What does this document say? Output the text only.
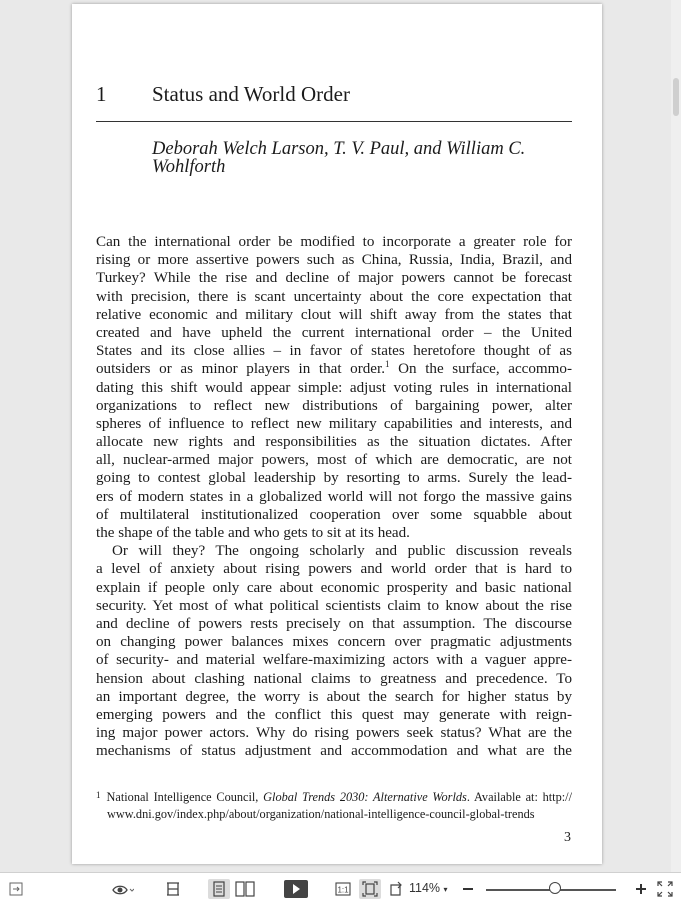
1 Status and World Order
Deborah Welch Larson, T. V. Paul, and William C.
Wohlforth
Can the international order be modified to incorporate a greater role for
rising or more assertive powers such as China, Russia, India, Brazil, and
Turkey? While the rise and decline of major powers cannot be forecast
with precision, there is scant uncertainty about the core expectation that
relative economic and military clout will shift away from the states that
created and have upheld the current international order – the United
States and its close allies – in favor of states heretofore thought of as
outsiders or as minor players in that order.$^1$ On the surface, accommo-
dating this shift would appear simple: adjust voting rules in international
organizations to reflect new distributions of bargaining power, alter
spheres of influence to reflect new military capabilities and interests, and
allocate new rights and responsibilities as the situation dictates. After
all, nuclear-armed major powers, most of which are democratic, are not
going to contest global leadership by resorting to arms. Surely the lead-
ers of modern states in a globalized world will not forgo the massive gains
of multilateral institutionalized cooperation over some squabble about
the shape of the table and who gets to sit at its head.
Or will they? The ongoing scholarly and public discussion reveals
a level of anxiety about rising powers and world order that is hard to
explain if people only care about economic prosperity and basic national
security. Yet most of what political scientists claim to know about the rise
and decline of powers rests precisely on that assumption. The discourse
on changing power balances mixes concern over pragmatic adjustments
of security- and material welfare-maximizing actors with a vaguer appre-
hension about clashing national claims to greatness and precedence. To
an important degree, the worry is about the search for higher status by
emerging powers and the conflict this quest may generate with reign-
ing major power actors. Why do rising powers seek status? What are the
mechanisms of status adjustment and accommodation and what are the
$^1$ National Intelligence Council, Global Trends 2030: Alternative Worlds. Available at: http://
www.dni.gov/index.php/about/organization/national-intelligence-council-global-trends
3
1:1	114% ▾
